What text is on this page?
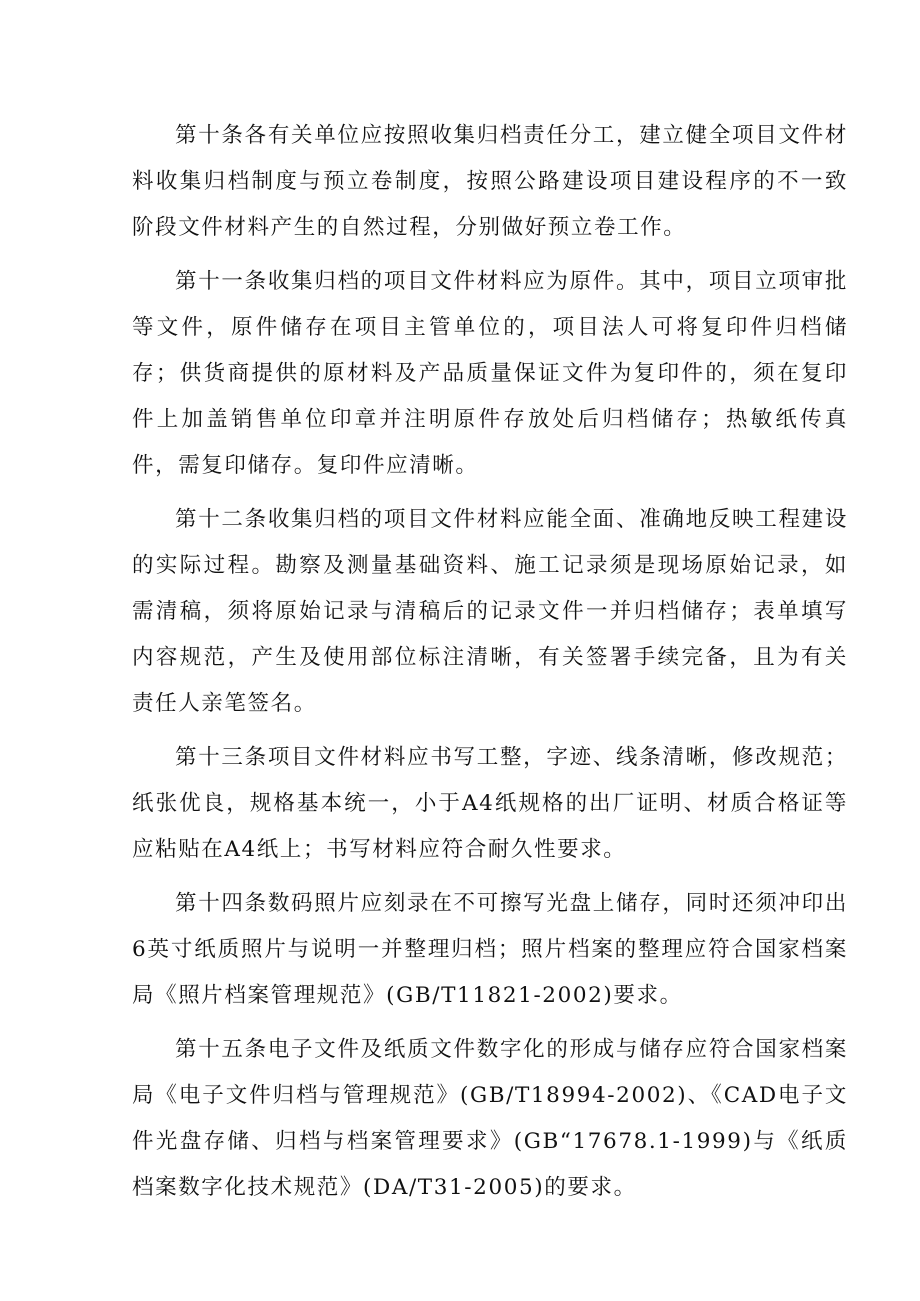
第十条各有关单位应按照收集归档责任分工，建立健全项目文件材料收集归档制度与预立卷制度，按照公路建设项目建设程序的不一致阶段文件材料产生的自然过程，分别做好预立卷工作。

第十一条收集归档的项目文件材料应为原件。其中，项目立项审批等文件，原件储存在项目主管单位的，项目法人可将复印件归档储存；供货商提供的原材料及产品质量保证文件为复印件的，须在复印件上加盖销售单位印章并注明原件存放处后归档储存；热敏纸传真件，需复印储存。复印件应清晰。

第十二条收集归档的项目文件材料应能全面、准确地反映工程建设的实际过程。勘察及测量基础资料、施工记录须是现场原始记录，如需清稿，须将原始记录与清稿后的记录文件一并归档储存；表单填写内容规范，产生及使用部位标注清晰，有关签署手续完备，且为有关责任人亲笔签名。

第十三条项目文件材料应书写工整，字迹、线条清晰，修改规范；纸张优良，规格基本统一，小于A4纸规格的出厂证明、材质合格证等应粘贴在A4纸上；书写材料应符合耐久性要求。

第十四条数码照片应刻录在不可擦写光盘上储存，同时还须冲印出6英寸纸质照片与说明一并整理归档；照片档案的整理应符合国家档案局《照片档案管理规范》(GB/T11821-2002)要求。

第十五条电子文件及纸质文件数字化的形成与储存应符合国家档案局《电子文件归档与管理规范》(GB/T18994-2002)、《CAD电子文件光盘存储、归档与档案管理要求》(GB“17678.1-1999)与《纸质档案数字化技术规范》(DA/T31-2005)的要求。
